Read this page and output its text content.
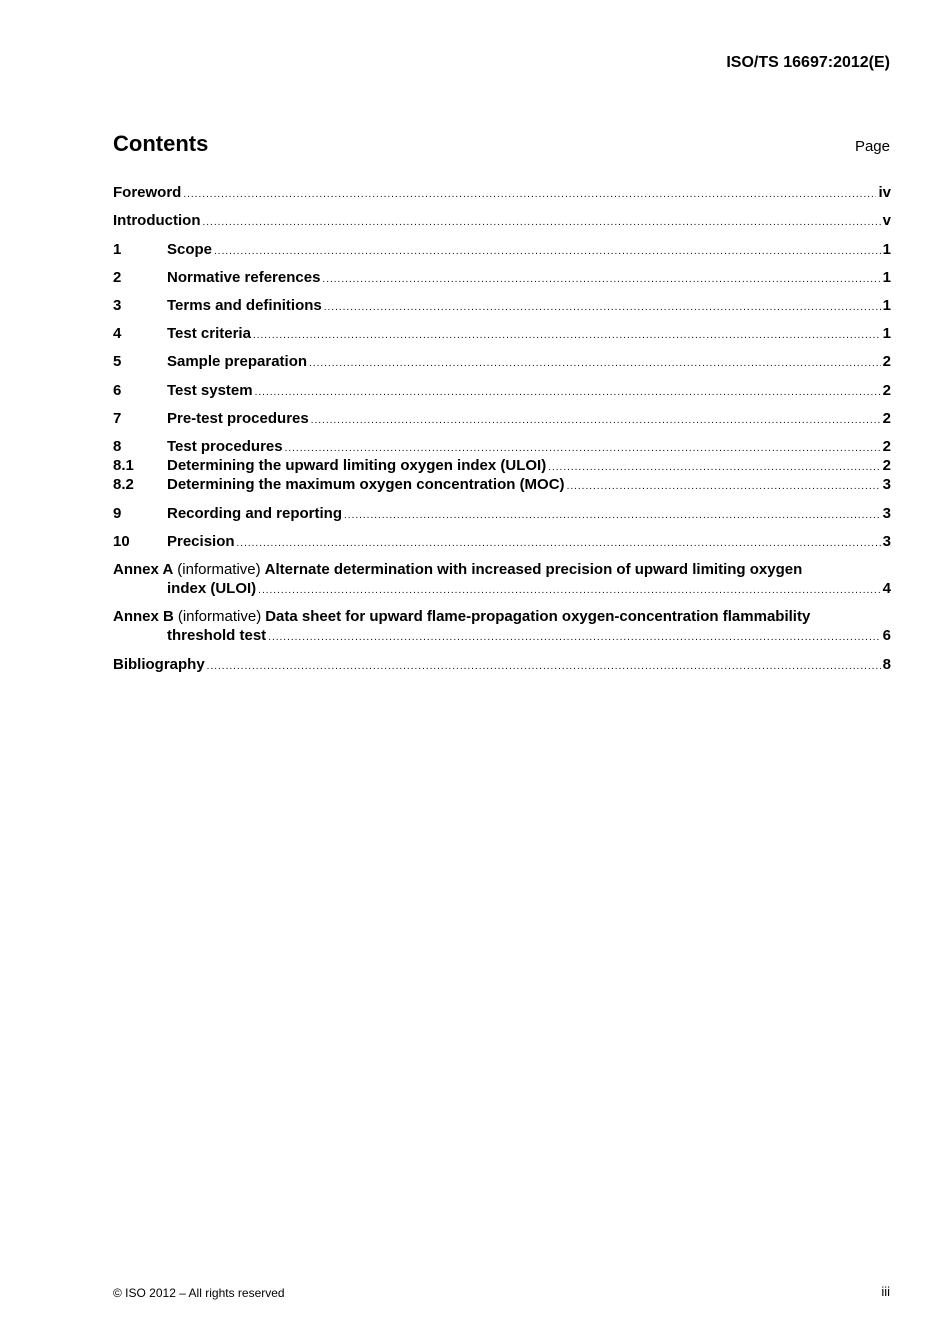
ISO/TS 16697:2012(E)
Contents	Page
Foreword .....	iv
Introduction .....	v
1	Scope .....	1
2	Normative references .....	1
3	Terms and definitions .....	1
4	Test criteria .....	1
5	Sample preparation .....	2
6	Test system .....	2
7	Pre-test procedures .....	2
8	Test procedures .....	2
8.1	Determining the upward limiting oxygen index (ULOI) .....	2
8.2	Determining the maximum oxygen concentration (MOC) .....	3
9	Recording and reporting .....	3
10	Precision .....	3
Annex A (informative) Alternate determination with increased precision of upward limiting oxygen
index (ULOI) .....	4
Annex B (informative) Data sheet for upward flame-propagation oxygen-concentration flammability
threshold test .....	6
Bibliography .....	8
© ISO 2012 – All rights reserved	iii
